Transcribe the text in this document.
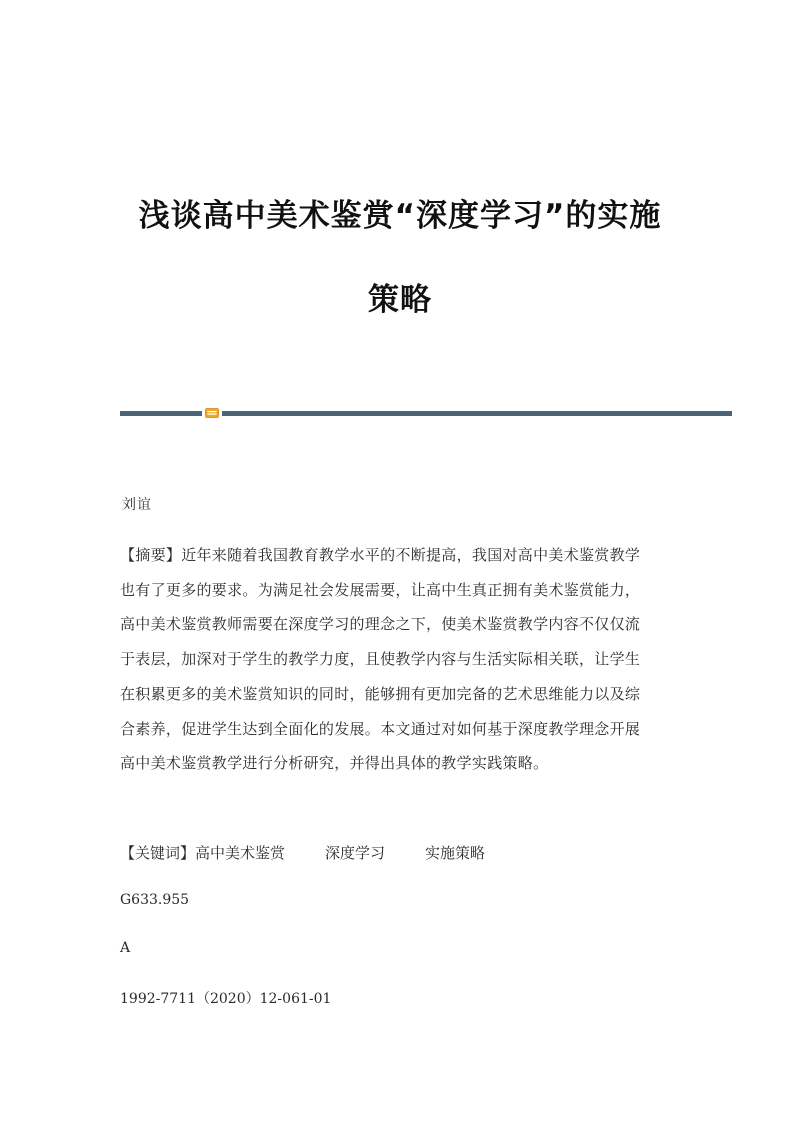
浅谈高中美术鉴赏“深度学习”的实施
策略
刘谊
【摘要】近年来随着我国教育教学水平的不断提高，我国对高中美术鉴赏教学
也有了更多的要求。为满足社会发展需要，让高中生真正拥有美术鉴赏能力，
高中美术鉴赏教师需要在深度学习的理念之下，使美术鉴赏教学内容不仅仅流
于表层，加深对于学生的教学力度，且使教学内容与生活实际相关联，让学生
在积累更多的美术鉴赏知识的同时，能够拥有更加完备的艺术思维能力以及综
合素养，促进学生达到全面化的发展。本文通过对如何基于深度教学理念开展
高中美术鉴赏教学进行分析研究，并得出具体的教学实践策略。
【关键词】高中美术鉴赏	深度学习	实施策略
G633.955
A
1992-7711（2020）12-061-01
